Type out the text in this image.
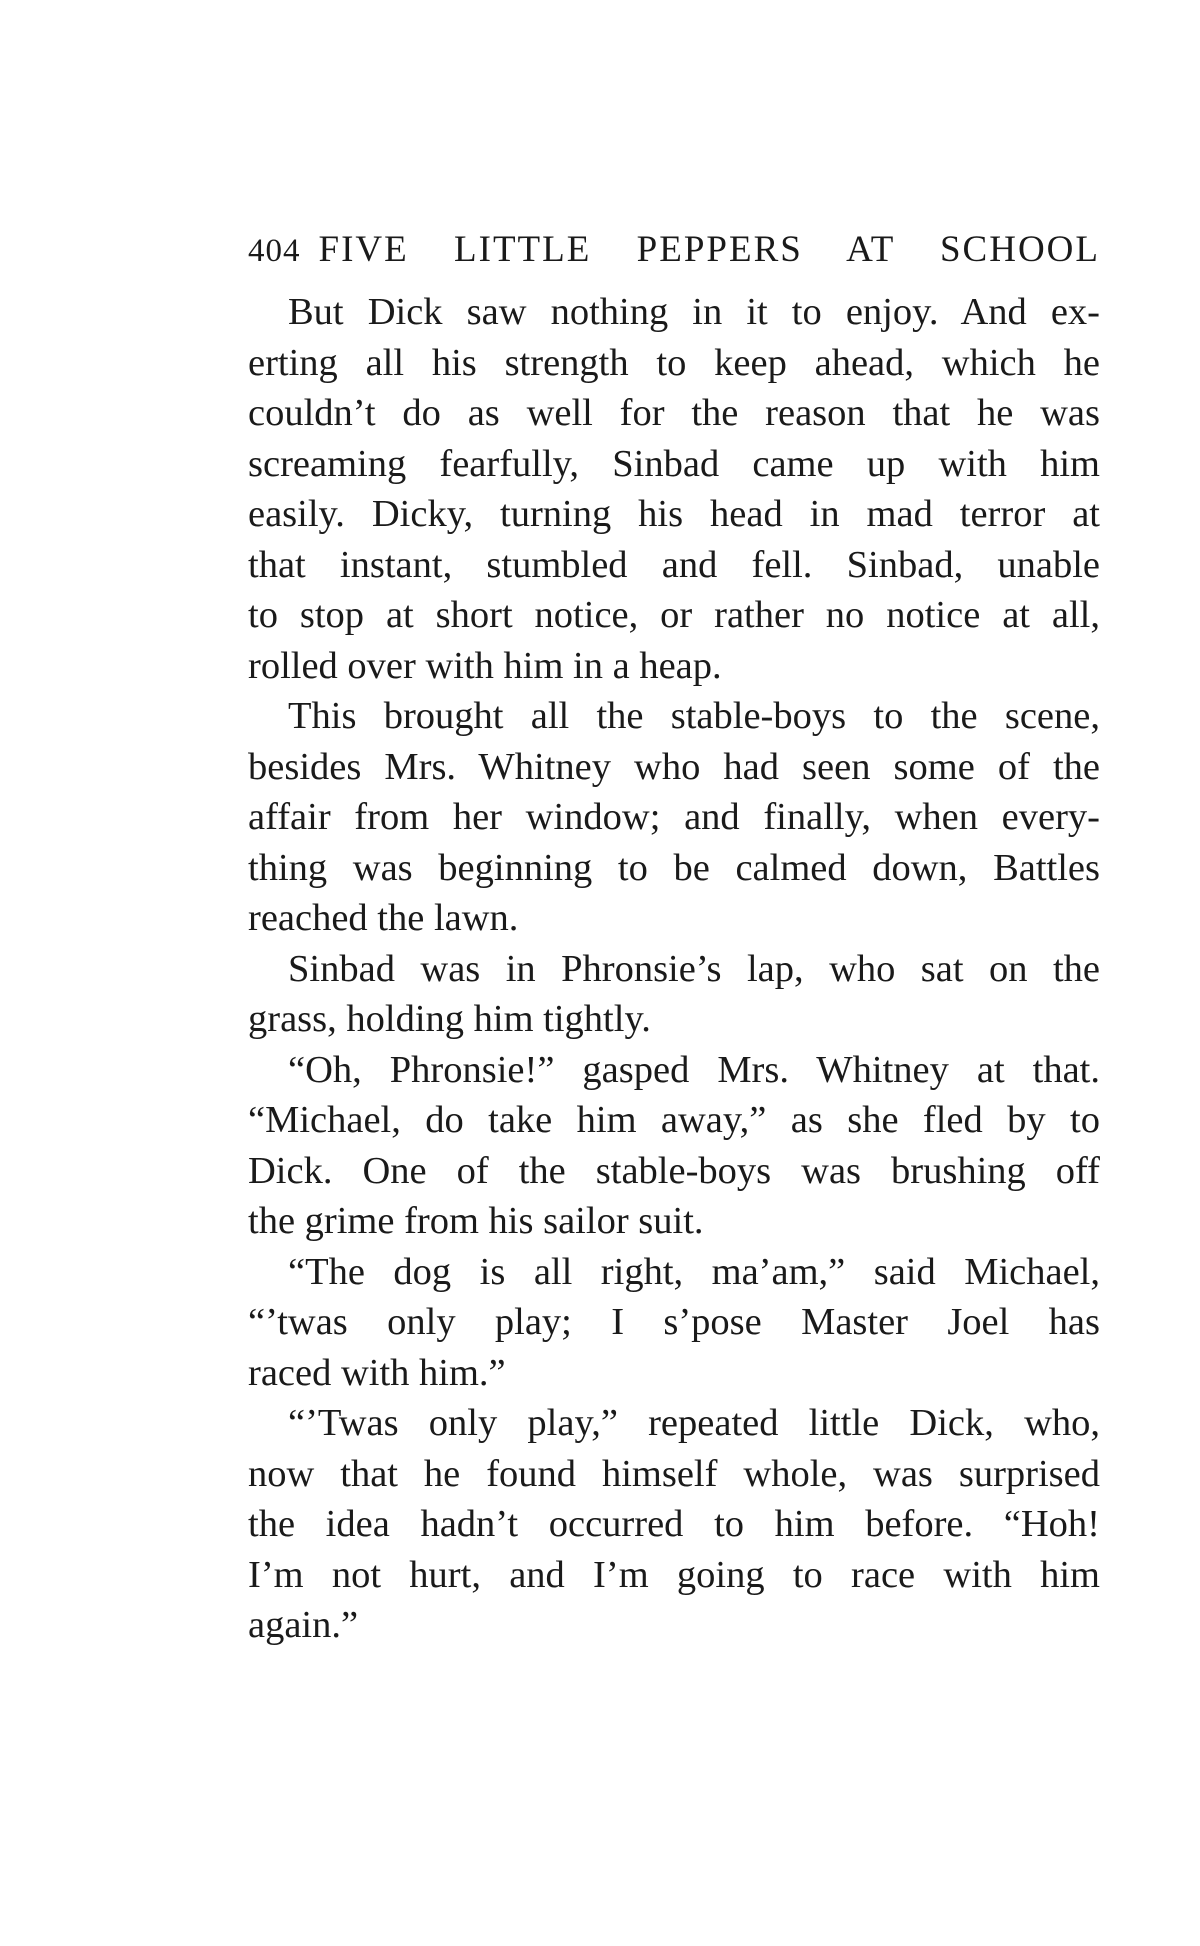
404 FIVE LITTLE PEPPERS AT SCHOOL
But Dick saw nothing in it to enjoy. And ex-
erting all his strength to keep ahead, which he
couldn’t do as well for the reason that he was
screaming fearfully, Sinbad came up with him
easily. Dicky, turning his head in mad terror at
that instant, stumbled and fell. Sinbad, unable
to stop at short notice, or rather no notice at all,
rolled over with him in a heap.
This brought all the stable-boys to the scene,
besides Mrs. Whitney who had seen some of the
affair from her window; and finally, when every-
thing was beginning to be calmed down, Battles
reached the lawn.
Sinbad was in Phronsie’s lap, who sat on the
grass, holding him tightly.
“Oh, Phronsie!” gasped Mrs. Whitney at that.
“Michael, do take him away,” as she fled by to
Dick. One of the stable-boys was brushing off
the grime from his sailor suit.
“The dog is all right, ma’am,” said Michael,
“’twas only play; I s’pose Master Joel has
raced with him.”
“’Twas only play,” repeated little Dick, who,
now that he found himself whole, was surprised
the idea hadn’t occurred to him before. “Hoh!
I’m not hurt, and I’m going to race with him
again.”
